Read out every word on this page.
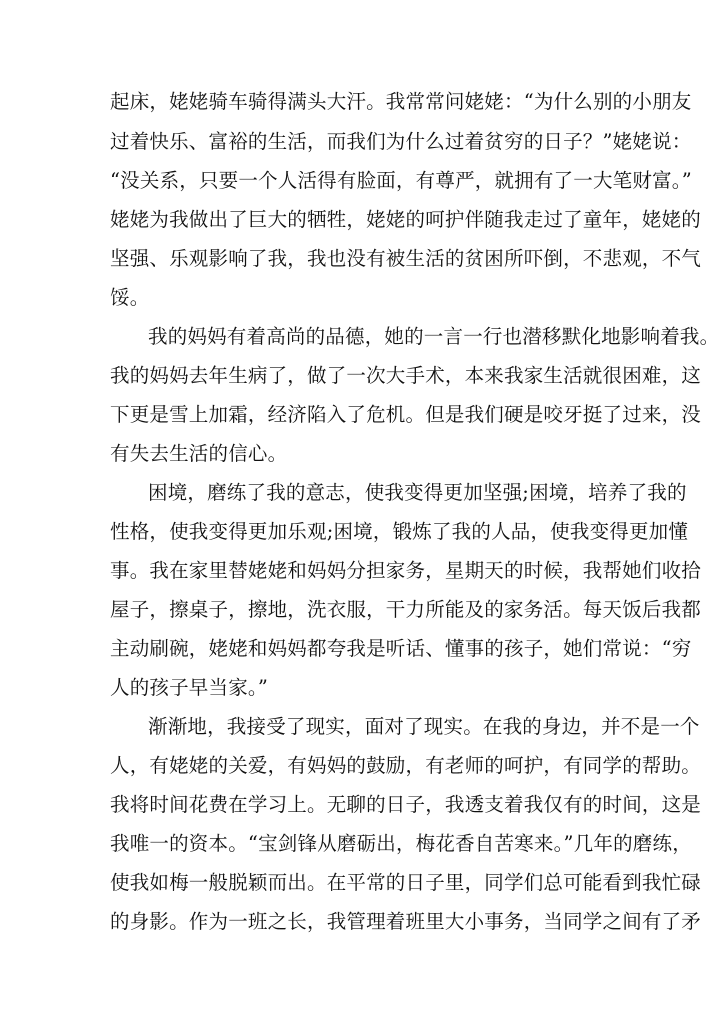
起床，姥姥骑车骑得满头大汗。我常常问姥姥：“为什么别的小朋友
过着快乐、富裕的生活，而我们为什么过着贫穷的日子？”姥姥说：
“没关系，只要一个人活得有脸面，有尊严，就拥有了一大笔财富。”
姥姥为我做出了巨大的牺牲，姥姥的呵护伴随我走过了童年，姥姥的
坚强、乐观影响了我，我也没有被生活的贫困所吓倒，不悲观，不气
馁。
我的妈妈有着高尚的品德，她的一言一行也潜移默化地影响着我。
我的妈妈去年生病了，做了一次大手术，本来我家生活就很困难，这
下更是雪上加霜，经济陷入了危机。但是我们硬是咬牙挺了过来，没
有失去生活的信心。
困境，磨练了我的意志，使我变得更加坚强;困境，培养了我的
性格，使我变得更加乐观;困境，锻炼了我的人品，使我变得更加懂
事。我在家里替姥姥和妈妈分担家务，星期天的时候，我帮她们收拾
屋子，擦桌子，擦地，洗衣服，干力所能及的家务活。每天饭后我都
主动刷碗，姥姥和妈妈都夸我是听话、懂事的孩子，她们常说：“穷
人的孩子早当家。”
渐渐地，我接受了现实，面对了现实。在我的身边，并不是一个
人，有姥姥的关爱，有妈妈的鼓励，有老师的呵护，有同学的帮助。
我将时间花费在学习上。无聊的日子，我透支着我仅有的时间，这是
我唯一的资本。“宝剑锋从磨砺出，梅花香自苦寒来。”几年的磨练，
使我如梅一般脱颖而出。在平常的日子里，同学们总可能看到我忙碌
的身影。作为一班之长，我管理着班里大小事务，当同学之间有了矛
